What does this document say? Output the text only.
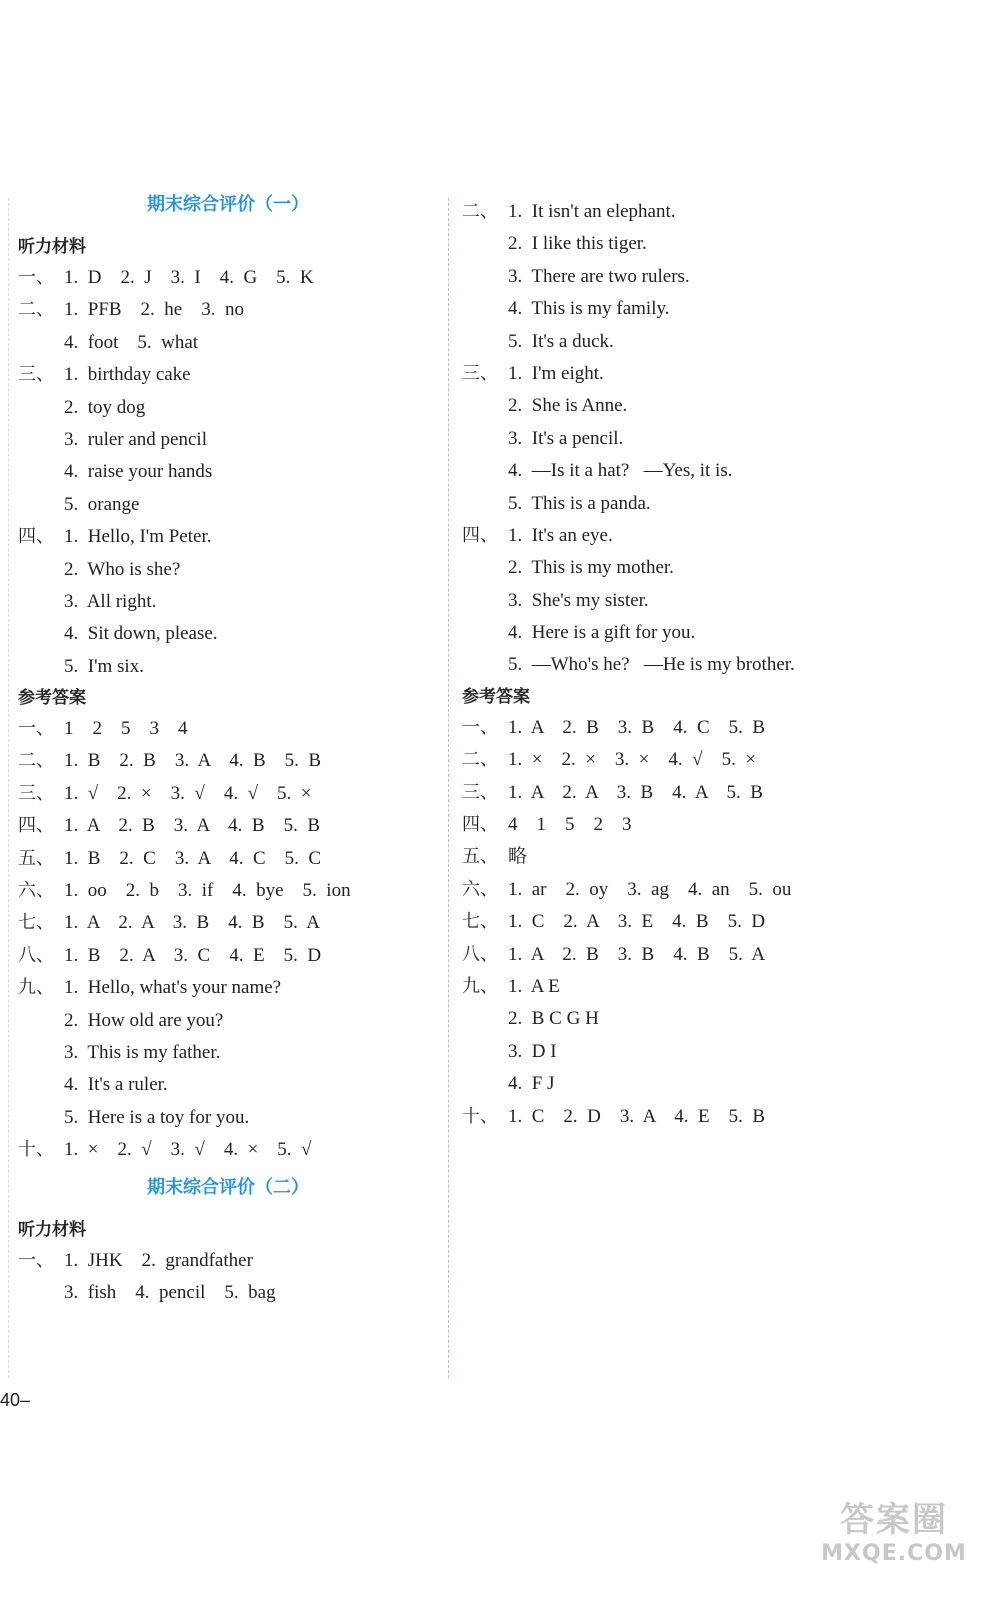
期末综合评价（一）
听力材料
一、 1.  D    2.  J    3.  I    4.  G    5.  K
二、 1.  PFB    2.  he    3.  no
4.  foot    5.  what
三、 1.  birthday cake
2.  toy dog
3.  ruler and pencil
4.  raise your hands
5.  orange
四、 1.  Hello, I'm Peter.
2.  Who is she?
3.  All right.
4.  Sit down, please.
5.  I'm six.
参考答案
一、 1    2    5    3    4
二、 1.  B    2.  B    3.  A    4.  B    5.  B
三、 1.  √    2.  ×    3.  √    4.  √    5.  ×
四、 1.  A    2.  B    3.  A    4.  B    5.  B
五、 1.  B    2.  C    3.  A    4.  C    5.  C
六、 1.  oo    2.  b    3.  if    4.  bye    5.  ion
七、 1.  A    2.  A    3.  B    4.  B    5.  A
八、 1.  B    2.  A    3.  C    4.  E    5.  D
九、 1.  Hello, what's your name?
2.  How old are you?
3.  This is my father.
4.  It's a ruler.
5.  Here is a toy for you.
十、 1.  ×    2.  √    3.  √    4.  ×    5.  √
期末综合评价（二）
听力材料
一、 1.  JHK    2.  grandfather
3.  fish    4.  pencil    5.  bag
二、 1.  It isn't an elephant.
2.  I like this tiger.
3.  There are two rulers.
4.  This is my family.
5.  It's a duck.
三、 1.  I'm eight.
2.  She is Anne.
3.  It's a pencil.
4.  —Is it a hat?   —Yes, it is.
5.  This is a panda.
四、 1.  It's an eye.
2.  This is my mother.
3.  She's my sister.
4.  Here is a gift for you.
5.  —Who's he?   —He is my brother.
参考答案
一、 1.  A    2.  B    3.  B    4.  C    5.  B
二、 1.  ×    2.  ×    3.  ×    4.  √    5.  ×
三、 1.  A    2.  A    3.  B    4.  A    5.  B
四、 4    1    5    2    3
五、 略
六、 1.  ar    2.  oy    3.  ag    4.  an    5.  ou
七、 1.  C    2.  A    3.  E    4.  B    5.  D
八、 1.  A    2.  B    3.  B    4.  B    5.  A
九、 1.  A E
2.  B C G H
3.  D I
4.  F J
十、 1.  C    2.  D    3.  A    4.  E    5.  B
40–
答案圈
MXQE.COM
